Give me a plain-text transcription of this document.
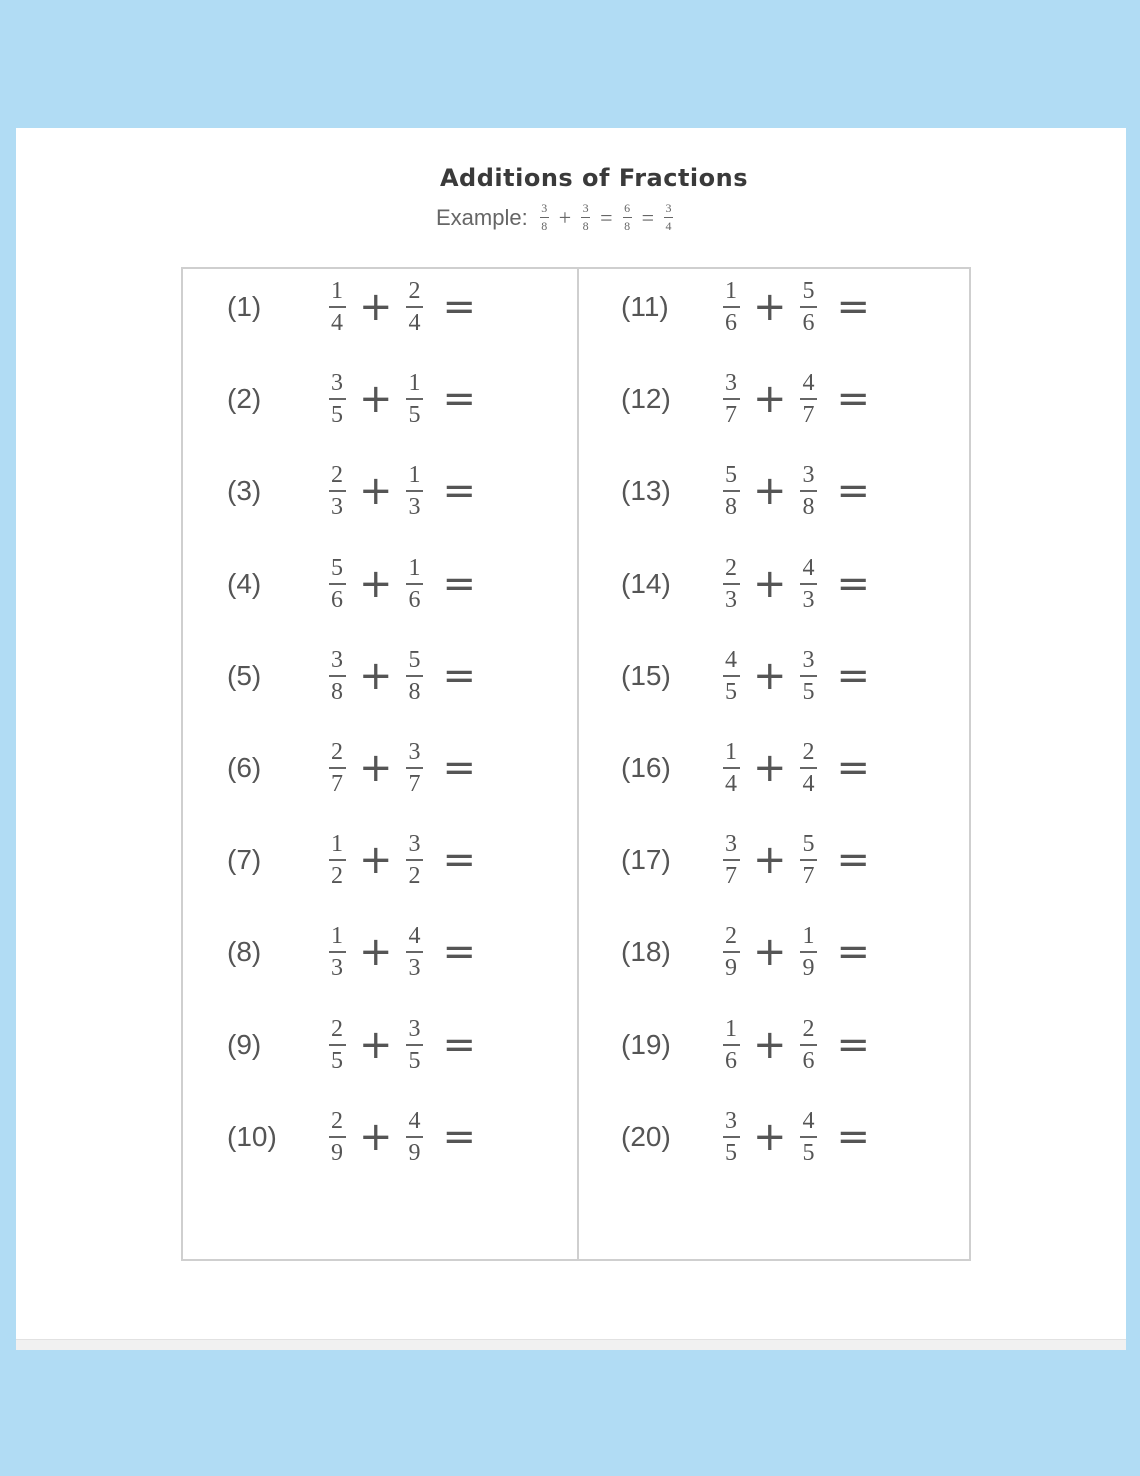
Additions of Fractions
Example: $\frac{3}{8} + \frac{3}{8} = \frac{6}{8} = \frac{3}{4}$
(1)	$\frac{1}{4} + \frac{2}{4}$ =
(2)	$\frac{3}{5} + \frac{1}{5}$ =
(3)	$\frac{2}{3} + \frac{1}{3}$ =
(4)	$\frac{5}{6} + \frac{1}{6}$ =
(5)	$\frac{3}{8} + \frac{5}{8}$ =
(6)	$\frac{2}{7} + \frac{3}{7}$ =
(7)	$\frac{1}{2} + \frac{3}{2}$ =
(8)	$\frac{1}{3} + \frac{4}{3}$ =
(9)	$\frac{2}{5} + \frac{3}{5}$ =
(10)	$\frac{2}{9} + \frac{4}{9}$ =
(11)	$\frac{1}{6} + \frac{5}{6}$ =
(12)	$\frac{3}{7} + \frac{4}{7}$ =
(13)	$\frac{5}{8} + \frac{3}{8}$ =
(14)	$\frac{2}{3} + \frac{4}{3}$ =
(15)	$\frac{4}{5} + \frac{3}{5}$ =
(16)	$\frac{1}{4} + \frac{2}{4}$ =
(17)	$\frac{3}{7} + \frac{5}{7}$ =
(18)	$\frac{2}{9} + \frac{1}{9}$ =
(19)	$\frac{1}{6} + \frac{2}{6}$ =
(20)	$\frac{3}{5} + \frac{4}{5}$ =
